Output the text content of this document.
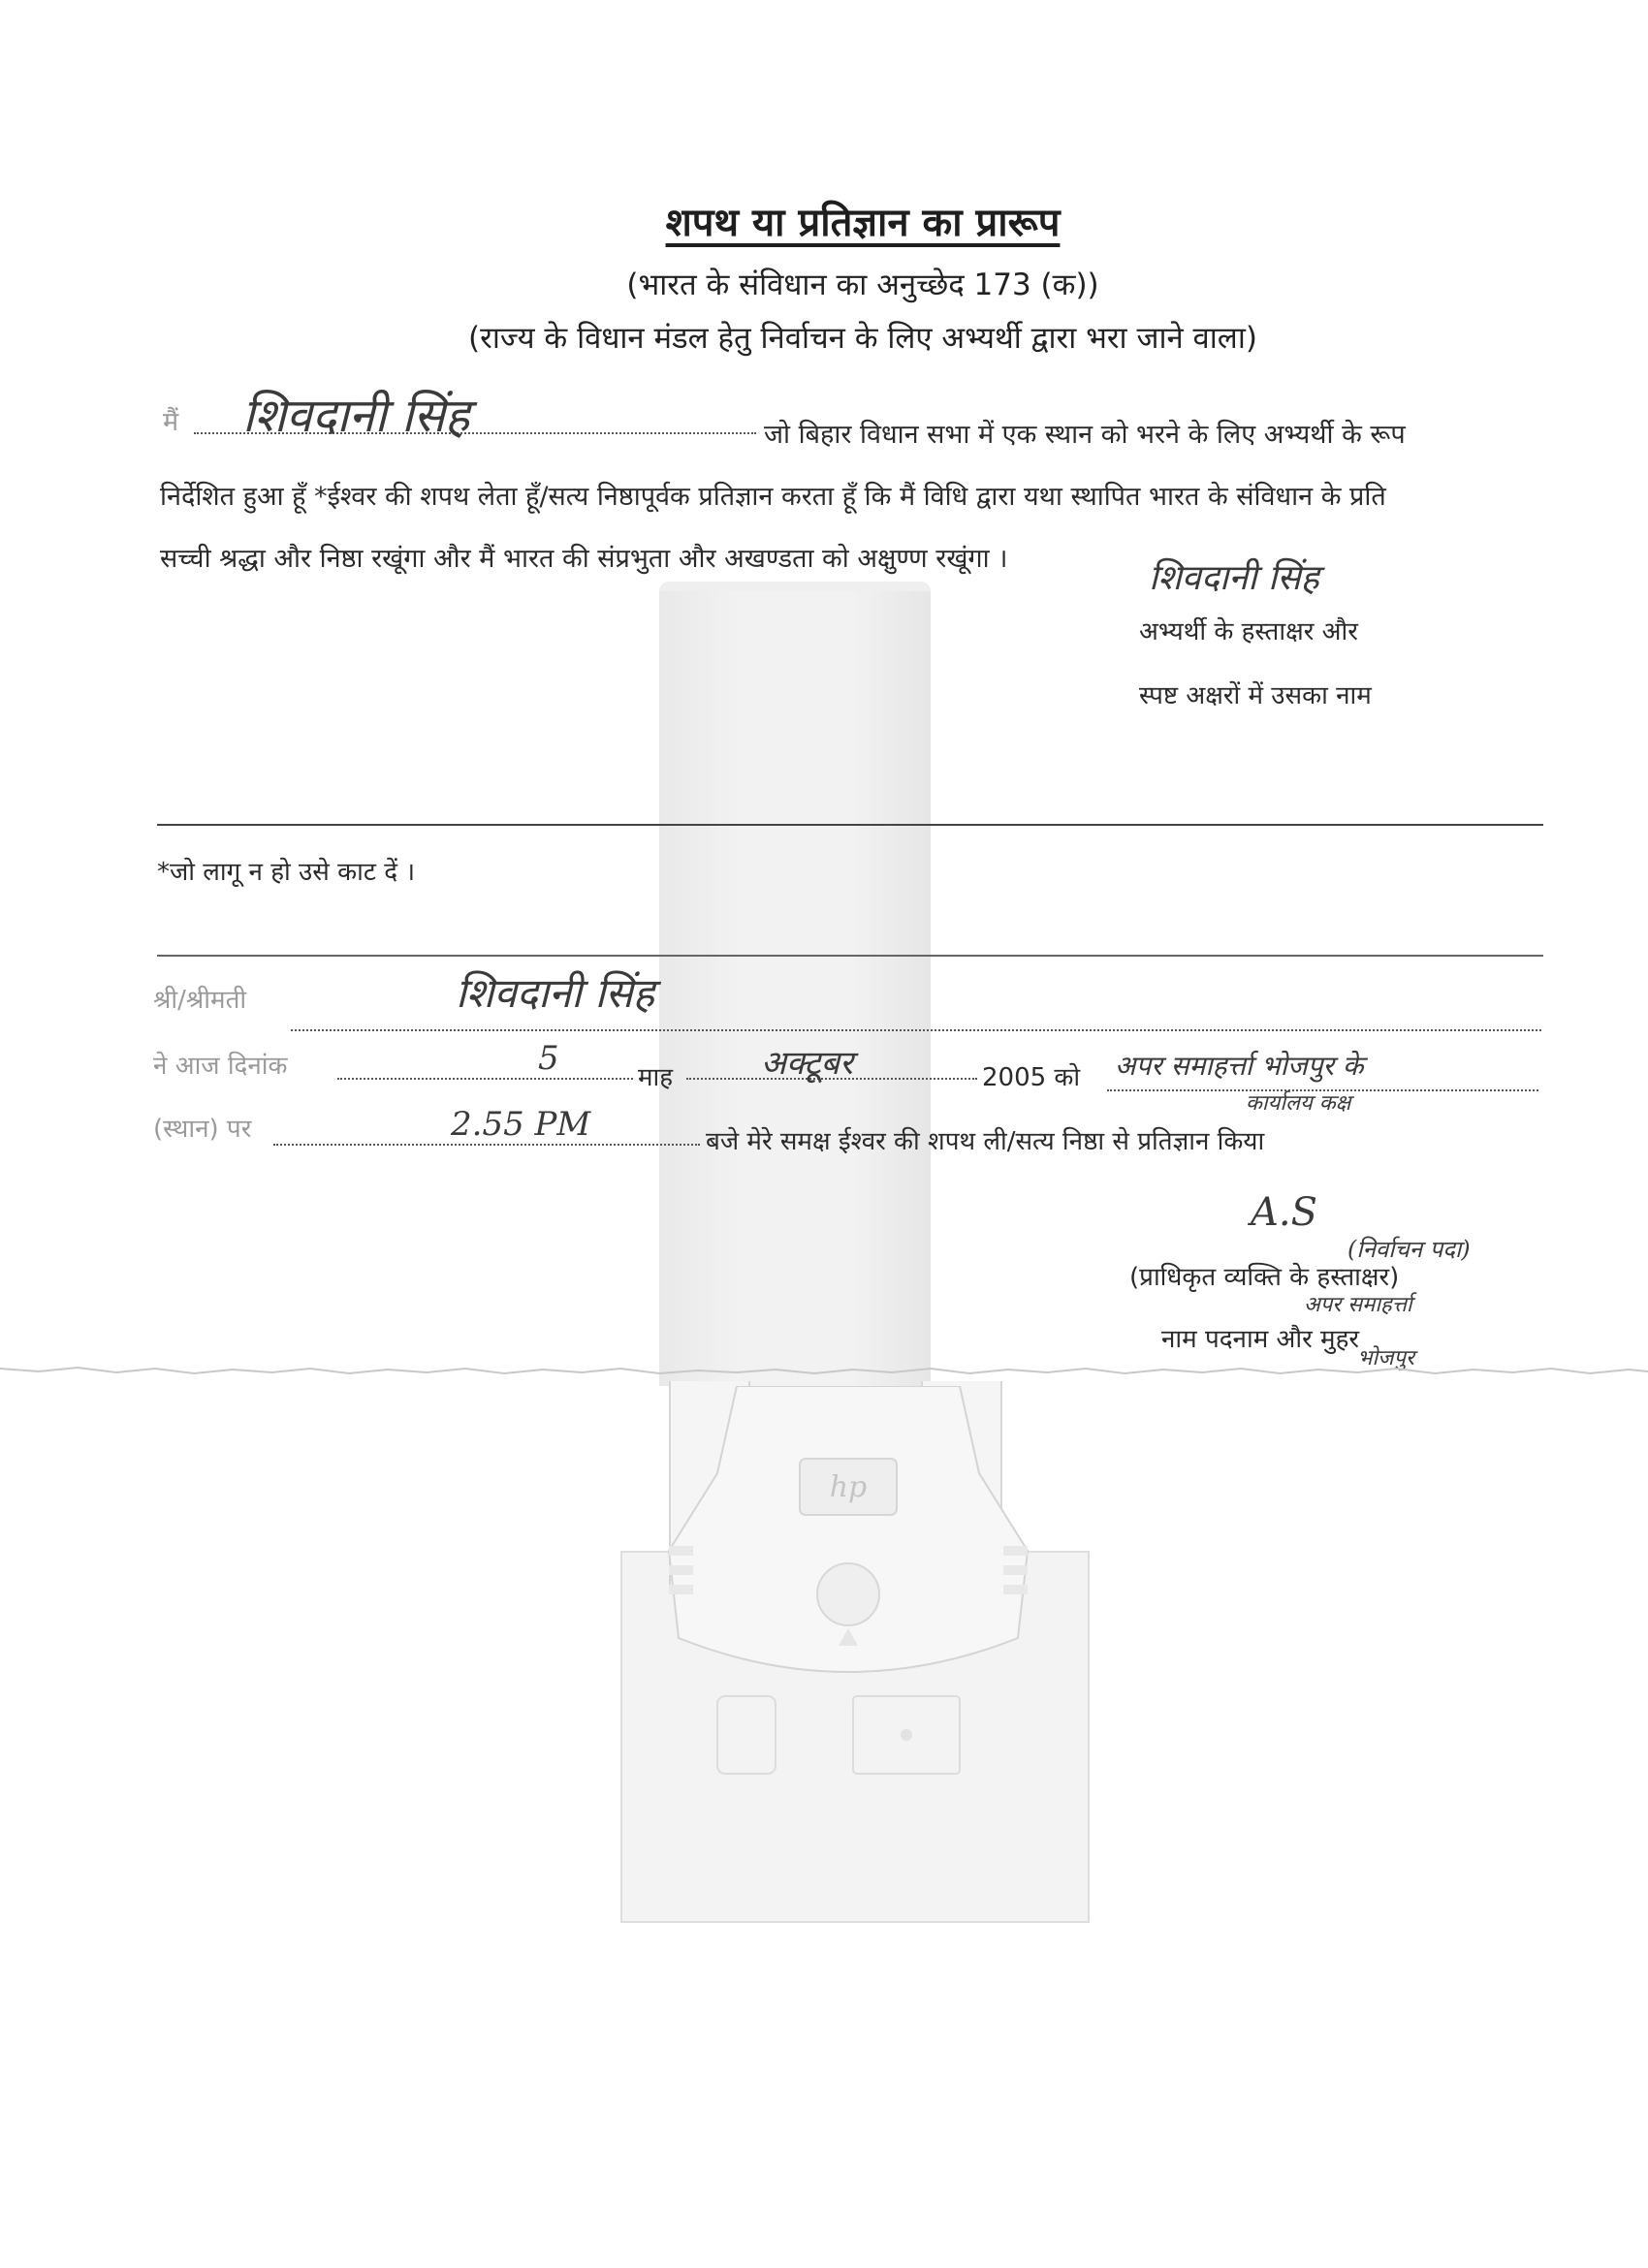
शपथ या प्रतिज्ञान का प्रारूप
(भारत के संविधान का अनुच्छेद 173 (क))
(राज्य के विधान मंडल हेतु निर्वाचन के लिए अभ्यर्थी द्वारा भरा जाने वाला)
मैं शिवदानी सिंह	जो बिहार विधान सभा में एक स्थान को भरने के लिए अभ्यर्थी के रूप
निर्देशित हुआ हूँ *ईश्वर की शपथ लेता हूँ/सत्य निष्ठापूर्वक प्रतिज्ञान करता हूँ कि मैं विधि द्वारा यथा स्थापित भारत के संविधान के प्रति
सच्ची श्रद्धा और निष्ठा रखूंगा और मैं भारत की संप्रभुता और अखण्डता को अक्षुण्ण रखूंगा ।	शिवदानी सिंह
अभ्यर्थी के हस्ताक्षर और
स्पष्ट अक्षरों में उसका नाम
*जो लागू न हो उसे काट दें ।
श्री/श्रीमती	शिवदानी सिंह
ने आज दिनांक	5	माह	अक्टूबर	2005 को अपर समाहर्त्ता भोजपुर के
कार्यालय कक्ष
(स्थान) पर	2.55 PM	बजे मेरे समक्ष ईश्वर की शपथ ली/सत्य निष्ठा से प्रतिज्ञान किया
A.S
(निर्वाचन पदा)
(प्राधिकृत व्यक्ति के हस्ताक्षर)
अपर समाहर्त्ता
नाम पदनाम और मुहर
भोजपुर
hp
